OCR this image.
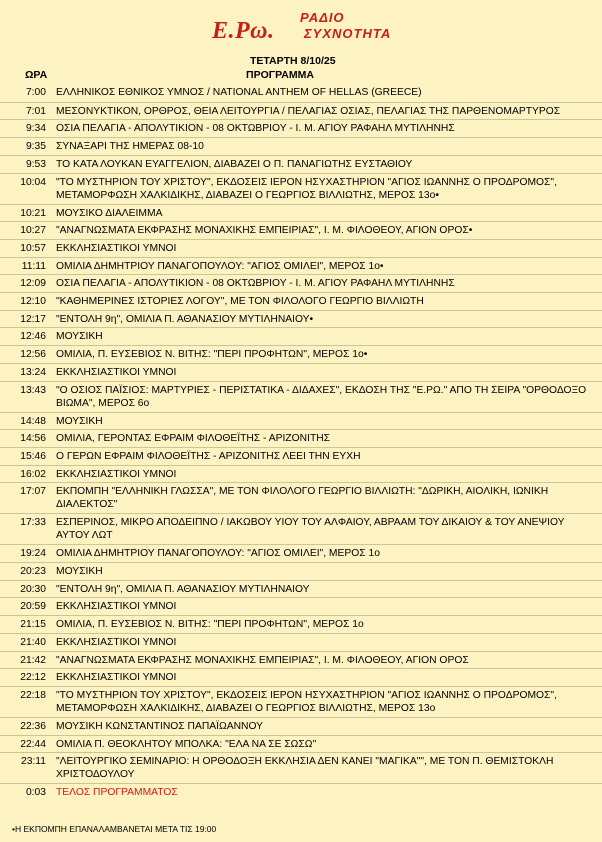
Ε.Ρω.
ΡΑΔΙΟ
ΣΥΧΝΟΤΗΤΑ
ΤΕΤΑΡΤΗ 8/10/25
ΩΡΑ	ΠΡΟΓΡΑΜΜΑ
7:00 ΕΛΛΗΝΙΚΟΣ ΕΘΝΙΚΟΣ ΥΜΝΟΣ / NATIONAL ANTHEM OF HELLAS (GREECE)
7:01 ΜΕΣΟΝΥΚΤΙΚΟΝ, ΟΡΘΡΟΣ, ΘΕΙΑ ΛΕΙΤΟΥΡΓΙΑ / ΠΕΛΑΓΙΑΣ ΟΣΙΑΣ, ΠΕΛΑΓΙΑΣ ΤΗΣ ΠΑΡΘΕΝΟΜΑΡΤΥΡΟΣ
9:34 ΟΣΙΑ ΠΕΛΑΓΙΑ - ΑΠΟΛΥΤΙΚΙΟΝ - 08 ΟΚΤΩΒΡΙΟΥ - Ι. Μ. ΑΓΙΟΥ ΡΑΦΑΗΛ ΜΥΤΙΛΗΝΗΣ
9:35 ΣΥΝΑΞΑΡΙ ΤΗΣ ΗΜΕΡΑΣ 08-10
9:53 ΤΟ ΚΑΤΑ ΛΟΥΚΑΝ ΕΥΑΓΓΕΛΙΟΝ, ΔΙΑΒΑΖΕΙ Ο Π. ΠΑΝΑΓΙΩΤΗΣ ΕΥΣΤΑΘΙΟΥ
10:04 "ΤΟ ΜΥΣΤΗΡΙΟΝ ΤΟΥ ΧΡΙΣΤΟΥ", ΕΚΔΟΣΕΙΣ ΙΕΡΟΝ ΗΣΥΧΑΣΤΗΡΙΟΝ "ΑΓΙΟΣ ΙΩΑΝΝΗΣ Ο ΠΡΟΔΡΟΜΟΣ", ΜΕΤΑΜΟΡΦΩΣΗ ΧΑΛΚΙΔΙΚΗΣ, ΔΙΑΒΑΖΕΙ Ο ΓΕΩΡΓΙΟΣ ΒΙΛΛΙΩΤΗΣ, ΜΕΡΟΣ 13ο•
10:21 ΜΟΥΣΙΚΟ ΔΙΑΛΕΙΜΜΑ
10:27 "ΑΝΑΓΝΩΣΜΑΤΑ ΕΚΦΡΑΣΗΣ ΜΟΝΑΧΙΚΗΣ ΕΜΠΕΙΡΙΑΣ", Ι. Μ. ΦΙΛΟΘΕΟΥ, ΑΓΙΟΝ ΟΡΟΣ•
10:57 ΕΚΚΛΗΣΙΑΣΤΙΚΟΙ ΥΜΝΟΙ
11:11 ΟΜΙΛΙΑ ΔΗΜΗΤΡΙΟΥ ΠΑΝΑΓΟΠΟΥΛΟΥ: "ΑΓΙΟΣ ΟΜΙΛΕΙ", ΜΕΡΟΣ 1ο•
12:09 ΟΣΙΑ ΠΕΛΑΓΙΑ - ΑΠΟΛΥΤΙΚΙΟΝ - 08 ΟΚΤΩΒΡΙΟΥ - Ι. Μ. ΑΓΙΟΥ ΡΑΦΑΗΛ ΜΥΤΙΛΗΝΗΣ
12:10 "ΚΑΘΗΜΕΡΙΝΕΣ ΙΣΤΟΡΙΕΣ ΛΟΓΟΥ", ΜΕ ΤΟΝ ΦΙΛΟΛΟΓΟ ΓΕΩΡΓΙΟ ΒΙΛΛΙΩΤΗ
12:17 "ΕΝΤΟΛΗ 9η", ΟΜΙΛΙΑ Π. ΑΘΑΝΑΣΙΟΥ ΜΥΤΙΛΗΝΑΙΟΥ•
12:46 ΜΟΥΣΙΚΗ
12:56 ΟΜΙΛΙΑ, Π. ΕΥΣΕΒΙΟΣ Ν. ΒΙΤΗΣ: "ΠΕΡΙ ΠΡΟΦΗΤΩΝ", ΜΕΡΟΣ 1ο•
13:24 ΕΚΚΛΗΣΙΑΣΤΙΚΟΙ ΥΜΝΟΙ
13:43 "Ο ΟΣΙΟΣ ΠΑΪΣΙΟΣ: ΜΑΡΤΥΡΙΕΣ - ΠΕΡΙΣΤΑΤΙΚΑ - ΔΙΔΑΧΕΣ", ΕΚΔΟΣΗ ΤΗΣ "Ε.ΡΩ." ΑΠΟ ΤΗ ΣΕΙΡΑ "ΟΡΘΟΔΟΞΟ ΒΙΩΜΑ", ΜΕΡΟΣ 6ο
14:48 ΜΟΥΣΙΚΗ
14:56 ΟΜΙΛΙΑ, ΓΕΡΟΝΤΑΣ ΕΦΡΑΙΜ ΦΙΛΟΘΕΪΤΗΣ - ΑΡΙΖΟΝΙΤΗΣ
15:46 Ο ΓΕΡΩΝ ΕΦΡΑΙΜ ΦΙΛΟΘΕΪΤΗΣ - ΑΡΙΖΟΝΙΤΗΣ ΛΕΕΙ ΤΗΝ ΕΥΧΗ
16:02 ΕΚΚΛΗΣΙΑΣΤΙΚΟΙ ΥΜΝΟΙ
17:07 ΕΚΠΟΜΠΗ "ΕΛΛΗΝΙΚΗ ΓΛΩΣΣΑ", ΜΕ ΤΟΝ ΦΙΛΟΛΟΓΟ ΓΕΩΡΓΙΟ ΒΙΛΛΙΩΤΗ: "ΔΩΡΙΚΗ, ΑΙΟΛΙΚΗ, ΙΩΝΙΚΗ ΔΙΑΛΕΚΤΟΣ"
17:33 ΕΣΠΕΡΙΝΟΣ, ΜΙΚΡΟ ΑΠΟΔΕΙΠΝΟ / ΙΑΚΩΒΟΥ ΥΙΟΥ ΤΟΥ ΑΛΦΑΙΟΥ, ΑΒΡΑΑΜ ΤΟΥ ΔΙΚΑΙΟΥ & ΤΟΥ ΑΝΕΨΙΟΥ ΑΥΤΟΥ ΛΩΤ
19:24 ΟΜΙΛΙΑ ΔΗΜΗΤΡΙΟΥ ΠΑΝΑΓΟΠΟΥΛΟΥ: "ΑΓΙΟΣ ΟΜΙΛΕΙ", ΜΕΡΟΣ 1ο
20:23 ΜΟΥΣΙΚΗ
20:30 "ΕΝΤΟΛΗ 9η", ΟΜΙΛΙΑ Π. ΑΘΑΝΑΣΙΟΥ ΜΥΤΙΛΗΝΑΙΟΥ
20:59 ΕΚΚΛΗΣΙΑΣΤΙΚΟΙ ΥΜΝΟΙ
21:15 ΟΜΙΛΙΑ, Π. ΕΥΣΕΒΙΟΣ Ν. ΒΙΤΗΣ: "ΠΕΡΙ ΠΡΟΦΗΤΩΝ", ΜΕΡΟΣ 1ο
21:40 ΕΚΚΛΗΣΙΑΣΤΙΚΟΙ ΥΜΝΟΙ
21:42 "ΑΝΑΓΝΩΣΜΑΤΑ ΕΚΦΡΑΣΗΣ ΜΟΝΑΧΙΚΗΣ ΕΜΠΕΙΡΙΑΣ", Ι. Μ. ΦΙΛΟΘΕΟΥ, ΑΓΙΟΝ ΟΡΟΣ
22:12 ΕΚΚΛΗΣΙΑΣΤΙΚΟΙ ΥΜΝΟΙ
22:18 "ΤΟ ΜΥΣΤΗΡΙΟΝ ΤΟΥ ΧΡΙΣΤΟΥ", ΕΚΔΟΣΕΙΣ ΙΕΡΟΝ ΗΣΥΧΑΣΤΗΡΙΟΝ "ΑΓΙΟΣ ΙΩΑΝΝΗΣ Ο ΠΡΟΔΡΟΜΟΣ", ΜΕΤΑΜΟΡΦΩΣΗ ΧΑΛΚΙΔΙΚΗΣ, ΔΙΑΒΑΖΕΙ Ο ΓΕΩΡΓΙΟΣ ΒΙΛΛΙΩΤΗΣ, ΜΕΡΟΣ 13ο
22:36 ΜΟΥΣΙΚΗ ΚΩΝΣΤΑΝΤΙΝΟΣ ΠΑΠΑΪΩΑΝΝΟΥ
22:44 ΟΜΙΛΙΑ Π. ΘΕΟΚΛΗΤΟΥ ΜΠΟΛΚΑ: "ΕΛΑ ΝΑ ΣΕ ΣΩΣΩ"
23:11 "ΛΕΙΤΟΥΡΓΙΚΟ ΣΕΜΙΝΑΡΙΟ: Η ΟΡΘΟΔΟΞΗ ΕΚΚΛΗΣΙΑ ΔΕΝ ΚΑΝΕΙ "ΜΑΓΙΚΑ"", ΜΕ ΤΟΝ Π. ΘΕΜΙΣΤΟΚΛΗ ΧΡΙΣΤΟΔΟΥΛΟΥ
0:03 ΤΕΛΟΣ ΠΡΟΓΡΑΜΜΑΤΟΣ
•Η ΕΚΠΟΜΠΗ ΕΠΑΝΑΛΑΜΒΑΝΕΤΑΙ ΜΕΤΑ ΤΙΣ 19:00
